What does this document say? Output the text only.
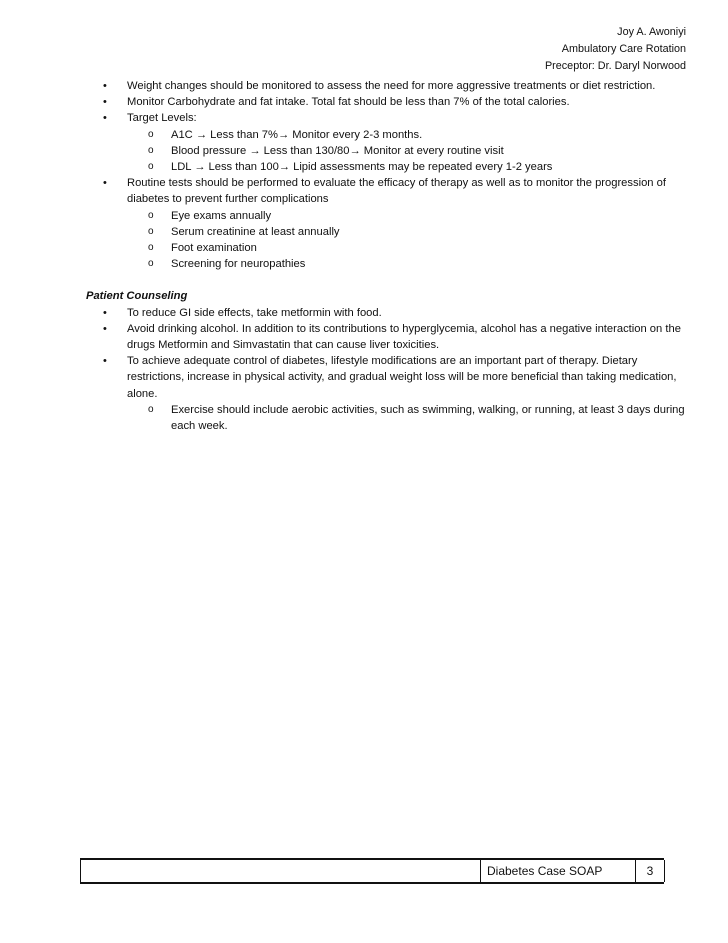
Joy A. Awoniyi
Ambulatory Care Rotation
Preceptor: Dr. Daryl Norwood
• Weight changes should be monitored to assess the need for more aggressive treatments or diet restriction.
• Monitor Carbohydrate and fat intake. Total fat should be less than 7% of the total calories.
• Target Levels:
o A1C → Less than 7%→ Monitor every 2-3 months.
o Blood pressure → Less than 130/80→ Monitor at every routine visit
o LDL → Less than 100→ Lipid assessments may be repeated every 1-2 years
• Routine tests should be performed to evaluate the efficacy of therapy as well as to monitor the progression of diabetes to prevent further complications
o Eye exams annually
o Serum creatinine at least annually
o Foot examination
o Screening for neuropathies
Patient Counseling
• To reduce GI side effects, take metformin with food.
• Avoid drinking alcohol. In addition to its contributions to hyperglycemia, alcohol has a negative interaction on the drugs Metformin and Simvastatin that can cause liver toxicities.
• To achieve adequate control of diabetes, lifestyle modifications are an important part of therapy. Dietary restrictions, increase in physical activity, and gradual weight loss will be more beneficial than taking medication, alone.
o Exercise should include aerobic activities, such as swimming, walking, or running, at least 3 days during each week.
Diabetes Case SOAP	3
